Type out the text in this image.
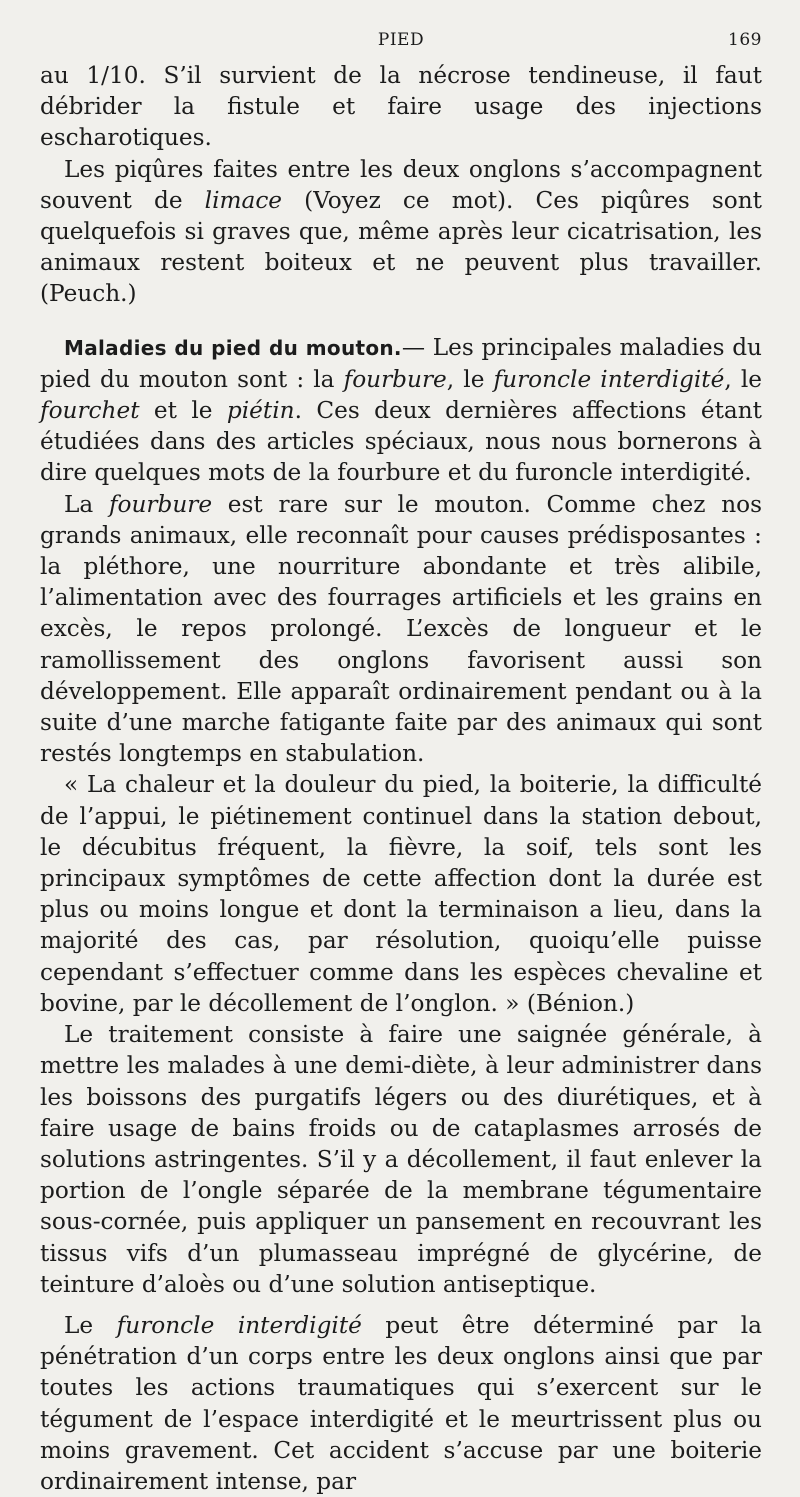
PIED	169

au 1/10. S’il survient de la nécrose tendineuse, il faut débrider la fistule et faire usage des injections escharotiques.

Les piqûres faites entre les deux onglons s’accompagnent souvent de limace (Voyez ce mot). Ces piqûres sont quelquefois si graves que, même après leur cicatrisation, les animaux restent boiteux et ne peuvent plus travailler. (Peuch.)

Maladies du pied du mouton.— Les principales maladies du pied du mouton sont : la fourbure, le furoncle interdigité, le fourchet et le piétin. Ces deux dernières affections étant étudiées dans des articles spéciaux, nous nous bornerons à dire quelques mots de la fourbure et du furoncle interdigité.

La fourbure est rare sur le mouton. Comme chez nos grands animaux, elle reconnaît pour causes prédisposantes : la pléthore, une nourriture abondante et très alibile, l’alimentation avec des fourrages artificiels et les grains en excès, le repos prolongé. L’excès de longueur et le ramollissement des onglons favorisent aussi son développement. Elle apparaît ordinairement pendant ou à la suite d’une marche fatigante faite par des animaux qui sont restés longtemps en stabulation.

« La chaleur et la douleur du pied, la boiterie, la difficulté de l’appui, le piétinement continuel dans la station debout, le décubitus fréquent, la fièvre, la soif, tels sont les principaux symptômes de cette affection dont la durée est plus ou moins longue et dont la terminaison a lieu, dans la majorité des cas, par résolution, quoiqu’elle puisse cependant s’effectuer comme dans les espèces chevaline et bovine, par le décollement de l’onglon. » (Bénion.)

Le traitement consiste à faire une saignée générale, à mettre les malades à une demi-diète, à leur administrer dans les boissons des purgatifs légers ou des diurétiques, et à faire usage de bains froids ou de cataplasmes arrosés de solutions astringentes. S’il y a décollement, il faut enlever la portion de l’ongle séparée de la membrane tégumentaire sous-cornée, puis appliquer un pansement en recouvrant les tissus vifs d’un plumasseau imprégné de glycérine, de teinture d’aloès ou d’une solution antiseptique.

Le furoncle interdigité peut être déterminé par la pénétration d’un corps entre les deux onglons ainsi que par toutes les actions traumatiques qui s’exercent sur le tégument de l’espace interdigité et le meurtrissent plus ou moins gravement. Cet accident s’accuse par une boiterie ordinairement intense, par
